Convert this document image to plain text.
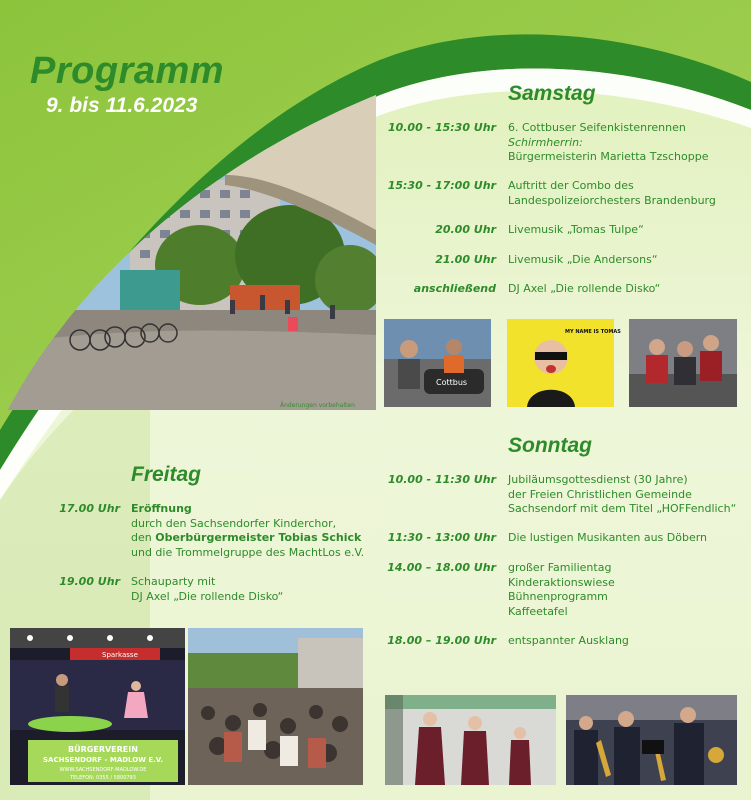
Programm

9. bis 11.6.2023

Änderungen vorbehalten
Samstag
10.00 - 15:30 Uhr 6. Cottbuser Seifenkistenrennen
Schirmherrin:
Bürgermeisterin Marietta Tzschoppe
15:30 - 17:00 Uhr Auftritt der Combo des
Landespolizeiorchesters Brandenburg
20.00 Uhr Livemusik „Tomas Tulpe“
21.00 Uhr Livemusik „Die Andersons“
anschließend DJ Axel „Die rollende Disko“
Cottbus
MY NAME IS TOMAS
Freitag
17.00 Uhr Eröffnung
durch den Sachsendorfer Kinderchor,
den Oberbürgermeister Tobias Schick
und die Trommelgruppe des MachtLos e.V.
19.00 Uhr Schauparty mit
DJ Axel „Die rollende Disko“
Sparkasse
BÜRGERVEREIN
SACHSENDORF - MADLOW E.V.
WWW.SACHSENDORF-MADLOW.DE
TELEFON: 0355 / 5800793
Sonntag
10.00 - 11:30 Uhr Jubiläumsgottesdienst (30 Jahre)
der Freien Christlichen Gemeinde
Sachsendorf mit dem Titel „HOFFendlich“
11:30 - 13:00 Uhr Die lustigen Musikanten aus Döbern
14.00 – 18.00 Uhr großer Familientag
Kinderaktionswiese
Bühnenprogramm
Kaffeetafel
18.00 – 19.00 Uhr entspannter Ausklang
